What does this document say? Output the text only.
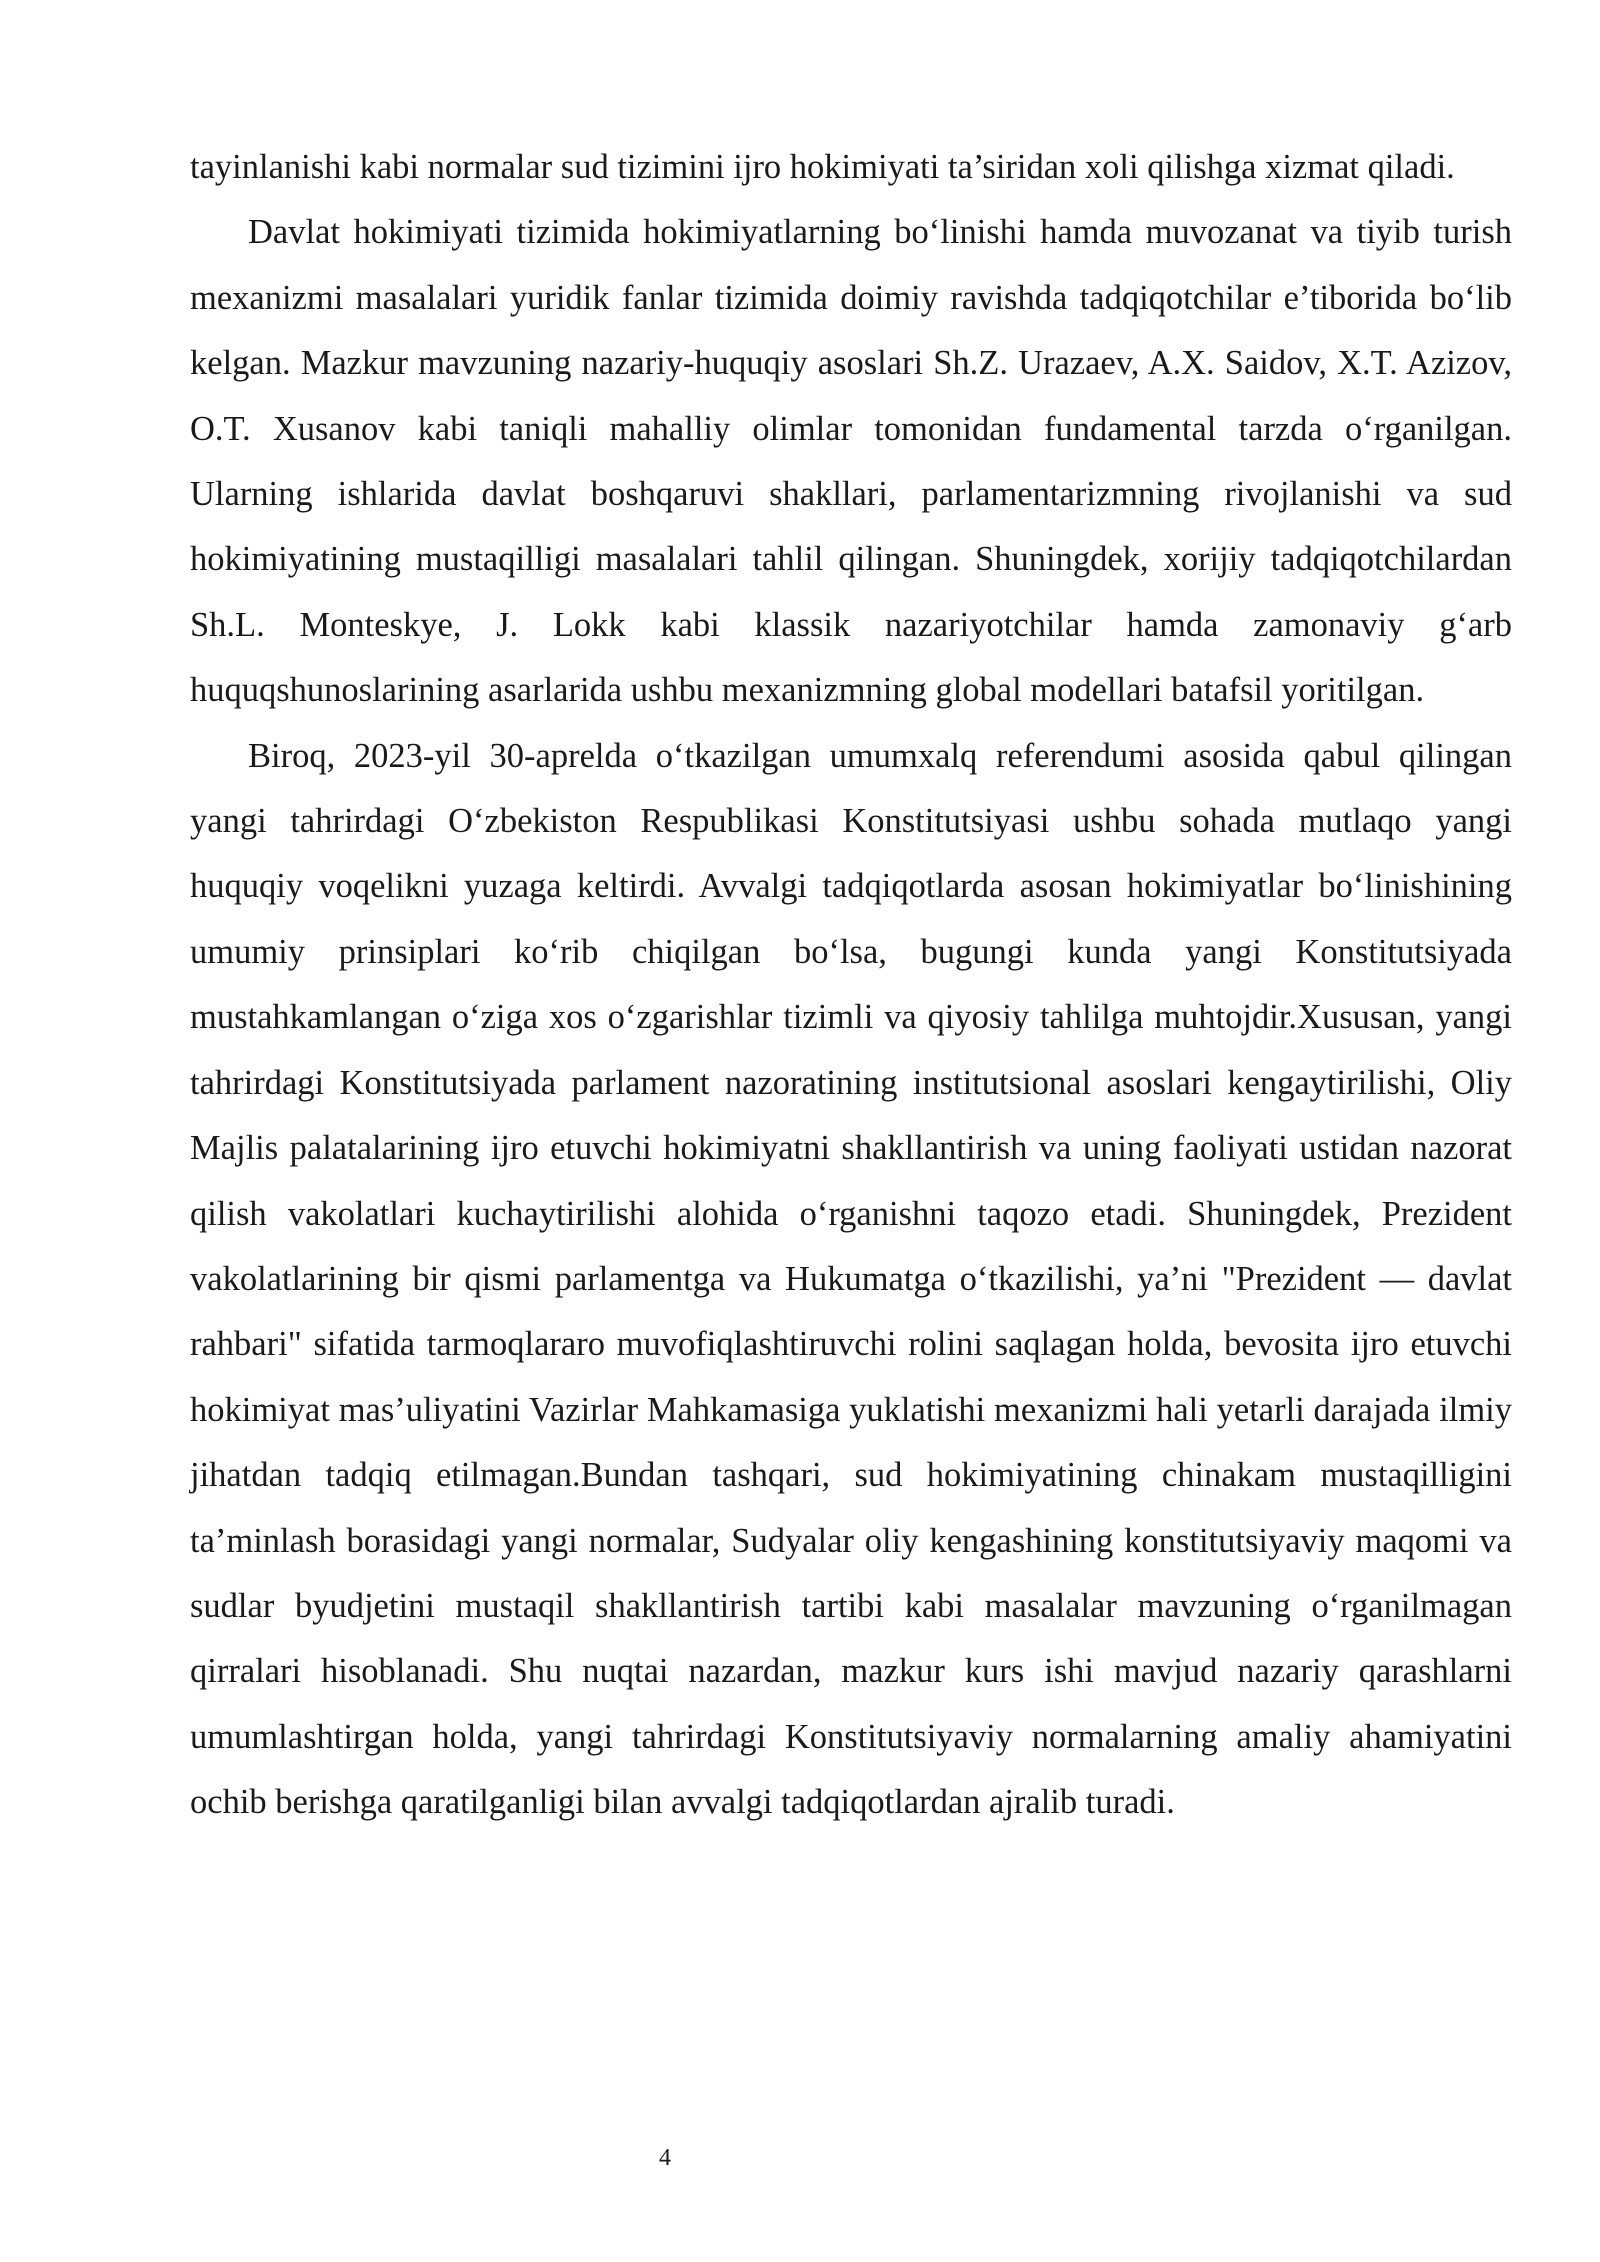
tayinlanishi kabi normalar sud tizimini ijro hokimiyati ta’siridan xoli qilishga xizmat qiladi.

Davlat hokimiyati tizimida hokimiyatlarning bo‘linishi hamda muvozanat va tiyib turish mexanizmi masalalari yuridik fanlar tizimida doimiy ravishda tadqiqotchilar e’tiborida bo‘lib kelgan. Mazkur mavzuning nazariy-huquqiy asoslari Sh.Z. Urazaev, A.X. Saidov, X.T. Azizov, O.T. Xusanov kabi taniqli mahalliy olimlar tomonidan fundamental tarzda o‘rganilgan. Ularning ishlarida davlat boshqaruvi shakllari, parlamentarizmning rivojlanishi va sud hokimiyatining mustaqilligi masalalari tahlil qilingan. Shuningdek, xorijiy tadqiqotchilardan Sh.L. Monteskye, J. Lokk kabi klassik nazariyotchilar hamda zamonaviy g‘arb huquqshunoslarining asarlarida ushbu mexanizmning global modellari batafsil yoritilgan.

Biroq, 2023-yil 30-aprelda o‘tkazilgan umumxalq referendumi asosida qabul qilingan yangi tahrirdagi O‘zbekiston Respublikasi Konstitutsiyasi ushbu sohada mutlaqo yangi huquqiy voqelikni yuzaga keltirdi. Avvalgi tadqiqotlarda asosan hokimiyatlar bo‘linishining umumiy prinsiplari ko‘rib chiqilgan bo‘lsa, bugungi kunda yangi Konstitutsiyada mustahkamlangan o‘ziga xos o‘zgarishlar tizimli va qiyosiy tahlilga muhtojdir.Xususan, yangi tahrirdagi Konstitutsiyada parlament nazoratining institutsional asoslari kengaytirilishi, Oliy Majlis palatalarining ijro etuvchi hokimiyatni shakllantirish va uning faoliyati ustidan nazorat qilish vakolatlari kuchaytirilishi alohida o‘rganishni taqozo etadi. Shuningdek, Prezident vakolatlarining bir qismi parlamentga va Hukumatga o‘tkazilishi, ya’ni "Prezident — davlat rahbari" sifatida tarmoqlararo muvofiqlashtiruvchi rolini saqlagan holda, bevosita ijro etuvchi hokimiyat mas’uliyatini Vazirlar Mahkamasiga yuklatishi mexanizmi hali yetarli darajada ilmiy jihatdan tadqiq etilmagan.Bundan tashqari, sud hokimiyatining chinakam mustaqilligini ta’minlash borasidagi yangi normalar, Sudyalar oliy kengashining konstitutsiyaviy maqomi va sudlar byudjetini mustaqil shakllantirish tartibi kabi masalalar mavzuning o‘rganilmagan qirralari hisoblanadi. Shu nuqtai nazardan, mazkur kurs ishi mavjud nazariy qarashlarni umumlashtirgan holda, yangi tahrirdagi Konstitutsiyaviy normalarning amaliy ahamiyatini ochib berishga qaratilganligi bilan avvalgi tadqiqotlardan ajralib turadi.

4
